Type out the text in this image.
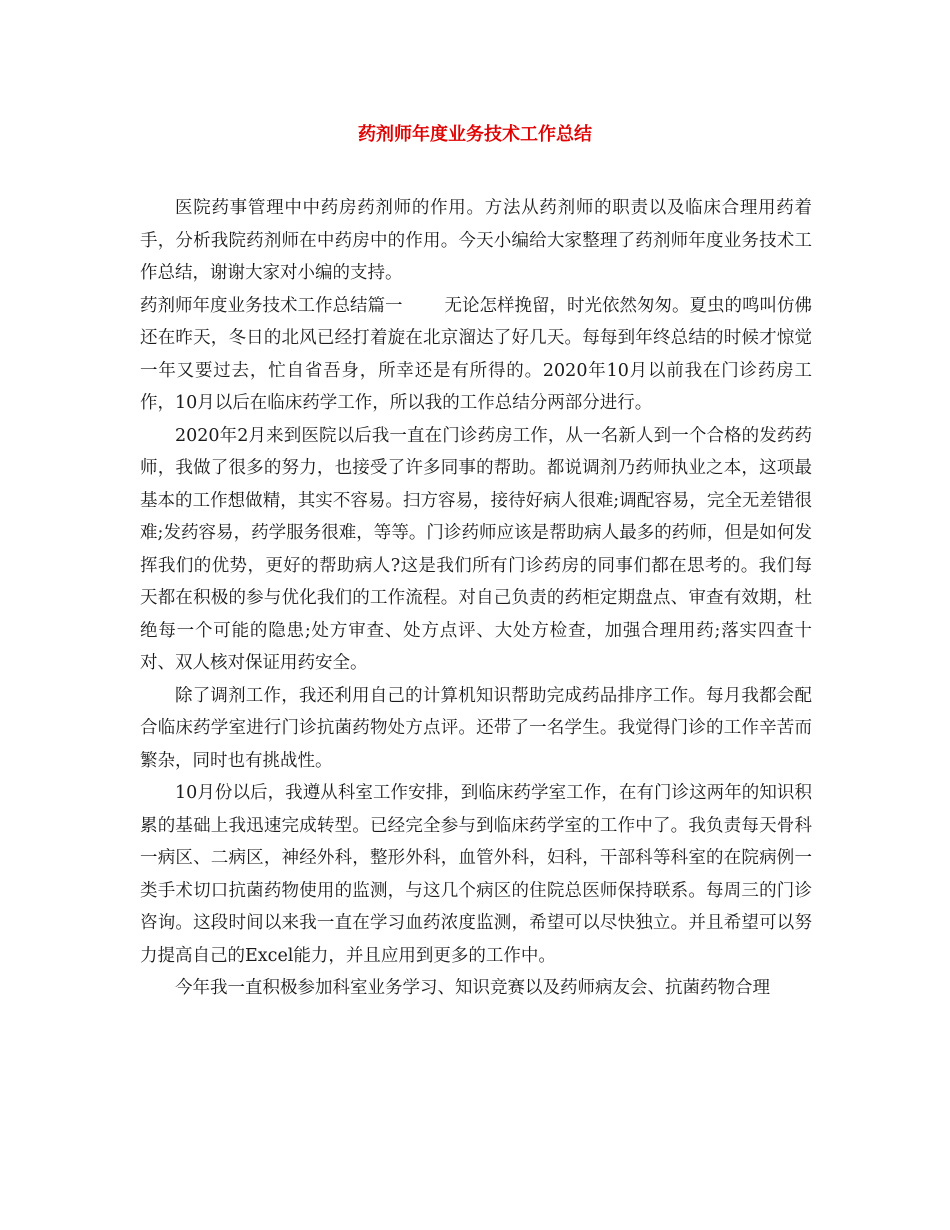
药剂师年度业务技术工作总结

医院药事管理中中药房药剂师的作用。方法从药剂师的职责以及临床合理用药着手，分析我院药剂师在中药房中的作用。今天小编给大家整理了药剂师年度业务技术工作总结，谢谢大家对小编的支持。

药剂师年度业务技术工作总结篇一 无论怎样挽留，时光依然匆匆。夏虫的鸣叫仿佛还在昨天，冬日的北风已经打着旋在北京溜达了好几天。每每到年终总结的时候才惊觉一年又要过去，忙自省吾身，所幸还是有所得的。2020年10月以前我在门诊药房工作，10月以后在临床药学工作，所以我的工作总结分两部分进行。

2020年2月来到医院以后我一直在门诊药房工作，从一名新人到一个合格的发药药师，我做了很多的努力，也接受了许多同事的帮助。都说调剂乃药师执业之本，这项最基本的工作想做精，其实不容易。扫方容易，接待好病人很难;调配容易，完全无差错很难;发药容易，药学服务很难，等等。门诊药师应该是帮助病人最多的药师，但是如何发挥我们的优势，更好的帮助病人?这是我们所有门诊药房的同事们都在思考的。我们每天都在积极的参与优化我们的工作流程。对自己负责的药柜定期盘点、审查有效期，杜绝每一个可能的隐患;处方审查、处方点评、大处方检查，加强合理用药;落实四查十对、双人核对保证用药安全。

除了调剂工作，我还利用自己的计算机知识帮助完成药品排序工作。每月我都会配合临床药学室进行门诊抗菌药物处方点评。还带了一名学生。我觉得门诊的工作辛苦而繁杂，同时也有挑战性。

10月份以后，我遵从科室工作安排，到临床药学室工作，在有门诊这两年的知识积累的基础上我迅速完成转型。已经完全参与到临床药学室的工作中了。我负责每天骨科一病区、二病区，神经外科，整形外科，血管外科，妇科，干部科等科室的在院病例一类手术切口抗菌药物使用的监测，与这几个病区的住院总医师保持联系。每周三的门诊咨询。这段时间以来我一直在学习血药浓度监测，希望可以尽快独立。并且希望可以努力提高自己的Excel能力，并且应用到更多的工作中。

今年我一直积极参加科室业务学习、知识竞赛以及药师病友会、抗菌药物合理
